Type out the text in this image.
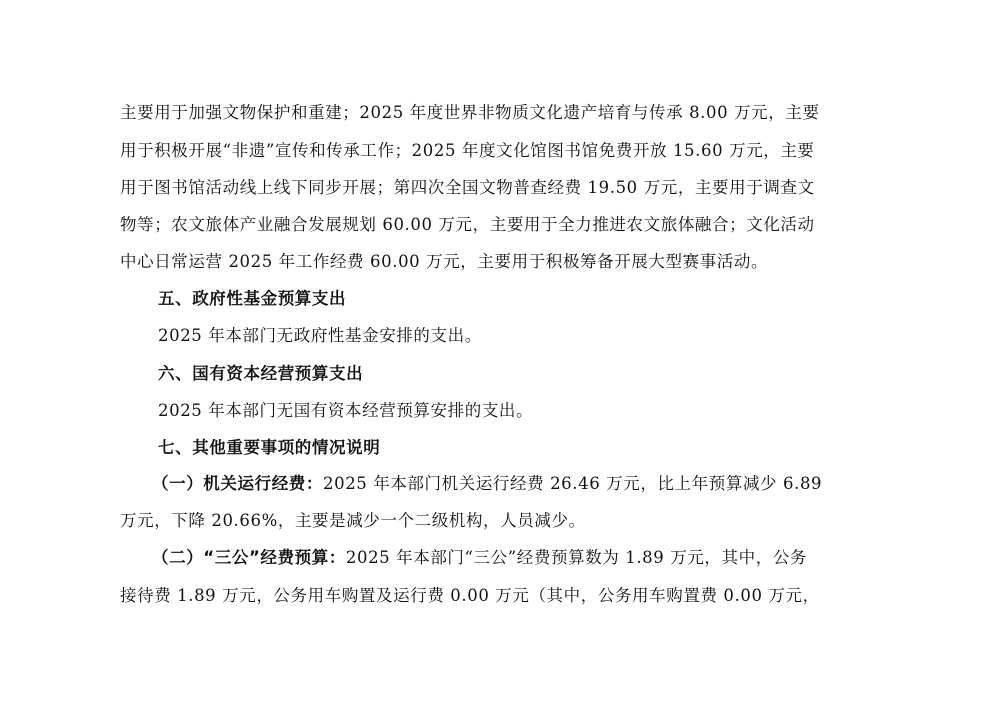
主要用于加强文物保护和重建；2025 年度世界非物质文化遗产培育与传承 8.00 万元，主要
用于积极开展“非遗”宣传和传承工作；2025 年度文化馆图书馆免费开放 15.60 万元，主要
用于图书馆活动线上线下同步开展；第四次全国文物普查经费 19.50 万元，主要用于调查文
物等；农文旅体产业融合发展规划 60.00 万元，主要用于全力推进农文旅体融合；文化活动
中心日常运营 2025 年工作经费 60.00 万元，主要用于积极筹备开展大型赛事活动。
五、政府性基金预算支出
2025 年本部门无政府性基金安排的支出。
六、国有资本经营预算支出
2025 年本部门无国有资本经营预算安排的支出。
七、其他重要事项的情况说明
（一）机关运行经费：2025 年本部门机关运行经费 26.46 万元，比上年预算减少 6.89
万元，下降 20.66%，主要是减少一个二级机构，人员减少。
（二）“三公”经费预算：2025 年本部门“三公”经费预算数为 1.89 万元，其中，公务
接待费 1.89 万元，公务用车购置及运行费 0.00 万元（其中，公务用车购置费 0.00 万元，
